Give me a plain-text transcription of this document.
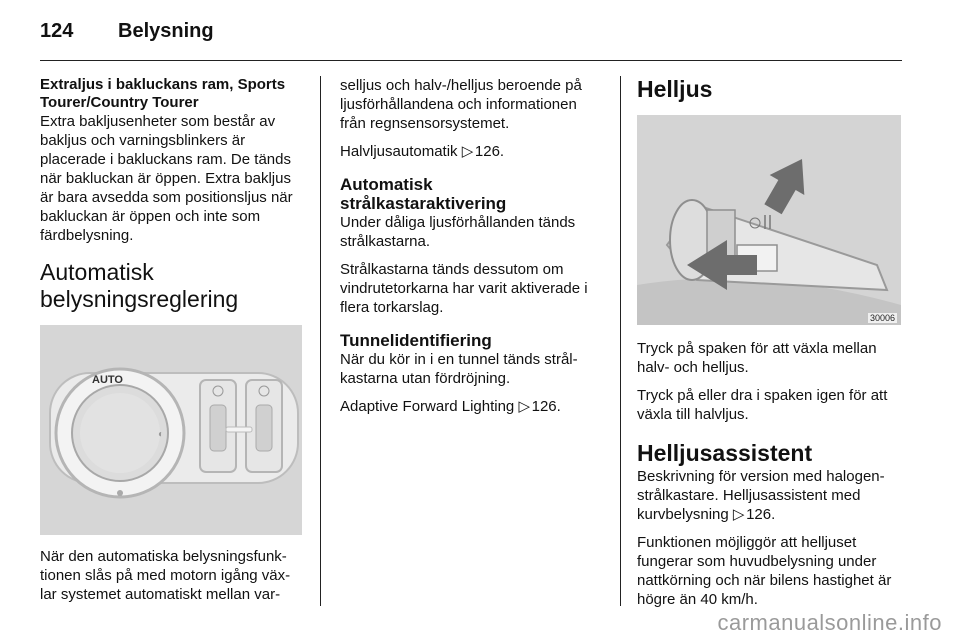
124 Belysning
Extraljus i bakluckans ram, Sports Tourer/Country Tourer

Extra bakljusenheter som består av bakljus och varningsblinkers är placerade i bakluckans ram. De tänds när bakluckan är öppen. Extra bakljus är bara avsedda som positionsljus när bakluckan är öppen och inte som färdbelysning.

Automatisk
belysningsreglering
AUTO
◐

När den automatiska belysningsfunk-tionen slås på med motorn igång väx-lar systemet automatiskt mellan var-

selljus och halv-/helljus beroende på ljusförhållandena och informationen från regnsensorsystemet.

Halvljusautomatik ▷ 126.

Automatisk
strålkastaraktivering

Under dåliga ljusförhållanden tänds strålkastarna.

Strålkastarna tänds dessutom om vindrutetorkarna har varit aktiverade i flera torkarslag.

Tunnelidentifiering

När du kör in i en tunnel tänds strål-kastarna utan fördröjning.

Adaptive Forward Lighting ▷ 126.

Helljus
30006

Tryck på spaken för att växla mellan halv- och helljus.

Tryck på eller dra i spaken igen för att växla till halvljus.

Helljusassistent

Beskrivning för version med halogen-strålkastare. Helljusassistent med kurvbelysning ▷ 126.

Funktionen möjliggör att helljuset fungerar som huvudbelysning under nattkörning och när bilens hastighet är högre än 40 km/h.

carmanualsonline.info
